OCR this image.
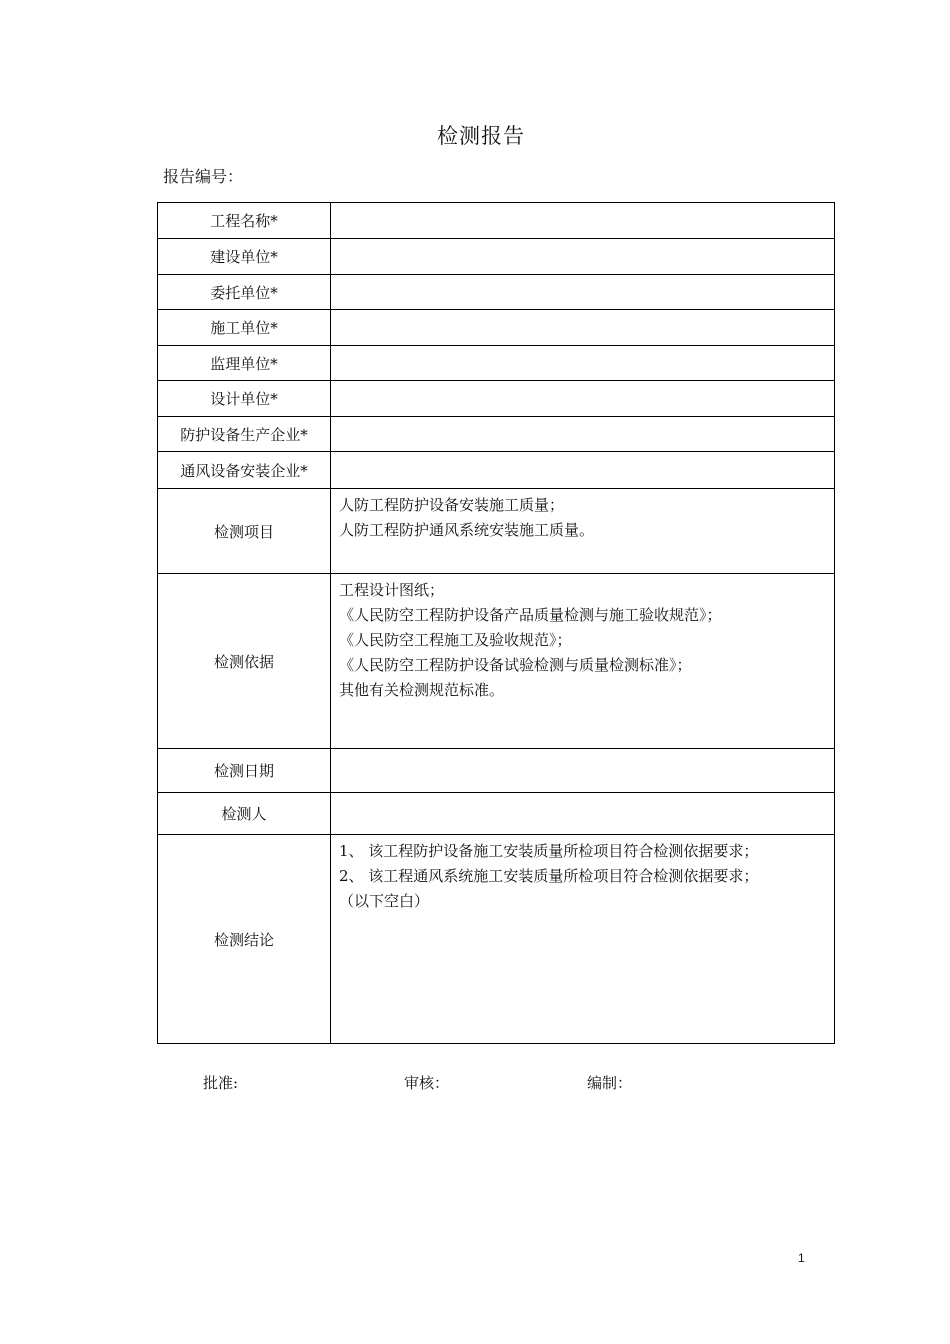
检测报告
报告编号：
工程名称*	
建设单位*	
委托单位*	
施工单位*	
监理单位*	
设计单位*	
防护设备生产企业*	
通风设备安装企业*	
检测项目	人防工程防护设备安装施工质量；
人防工程防护通风系统安装施工质量。

检测依据	工程设计图纸；
《人民防空工程防护设备产品质量检测与施工验收规范》；
《人民防空工程施工及验收规范》；
《人民防空工程防护设备试验检测与质量检测标准》；
其他有关检测规范标准。

检测日期	
检测人	
检测结论	1、 该工程防护设备施工安装质量所检项目符合检测依据要求；
2、 该工程通风系统施工安装质量所检项目符合检测依据要求；
（以下空白）
批准:	审核：	编制：
1
